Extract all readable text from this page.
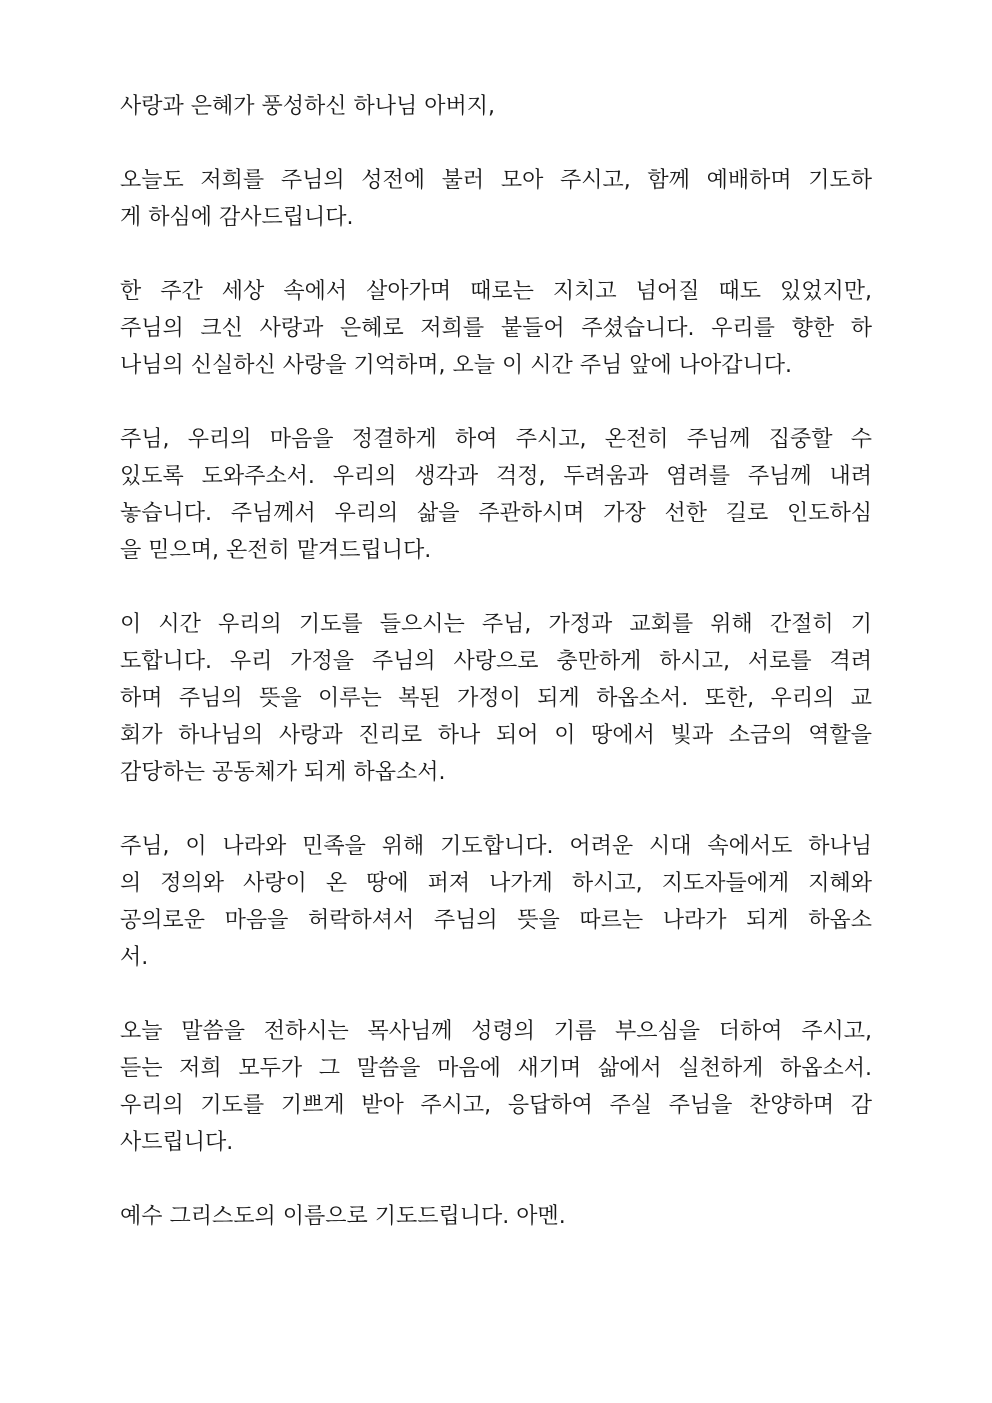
사랑과 은혜가 풍성하신 하나님 아버지,

오늘도 저희를 주님의 성전에 불러 모아 주시고, 함께 예배하며 기도하
게 하심에 감사드립니다.

한 주간 세상 속에서 살아가며 때로는 지치고 넘어질 때도 있었지만,
주님의 크신 사랑과 은혜로 저희를 붙들어 주셨습니다. 우리를 향한 하
나님의 신실하신 사랑을 기억하며, 오늘 이 시간 주님 앞에 나아갑니다.

주님, 우리의 마음을 정결하게 하여 주시고, 온전히 주님께 집중할 수
있도록 도와주소서. 우리의 생각과 걱정, 두려움과 염려를 주님께 내려
놓습니다. 주님께서 우리의 삶을 주관하시며 가장 선한 길로 인도하심
을 믿으며, 온전히 맡겨드립니다.

이 시간 우리의 기도를 들으시는 주님, 가정과 교회를 위해 간절히 기
도합니다. 우리 가정을 주님의 사랑으로 충만하게 하시고, 서로를 격려
하며 주님의 뜻을 이루는 복된 가정이 되게 하옵소서. 또한, 우리의 교
회가 하나님의 사랑과 진리로 하나 되어 이 땅에서 빛과 소금의 역할을
감당하는 공동체가 되게 하옵소서.

주님, 이 나라와 민족을 위해 기도합니다. 어려운 시대 속에서도 하나님
의 정의와 사랑이 온 땅에 퍼져 나가게 하시고, 지도자들에게 지혜와
공의로운 마음을 허락하셔서 주님의 뜻을 따르는 나라가 되게 하옵소
서.

오늘 말씀을 전하시는 목사님께 성령의 기름 부으심을 더하여 주시고,
듣는 저희 모두가 그 말씀을 마음에 새기며 삶에서 실천하게 하옵소서.
우리의 기도를 기쁘게 받아 주시고, 응답하여 주실 주님을 찬양하며 감
사드립니다.

예수 그리스도의 이름으로 기도드립니다. 아멘.
